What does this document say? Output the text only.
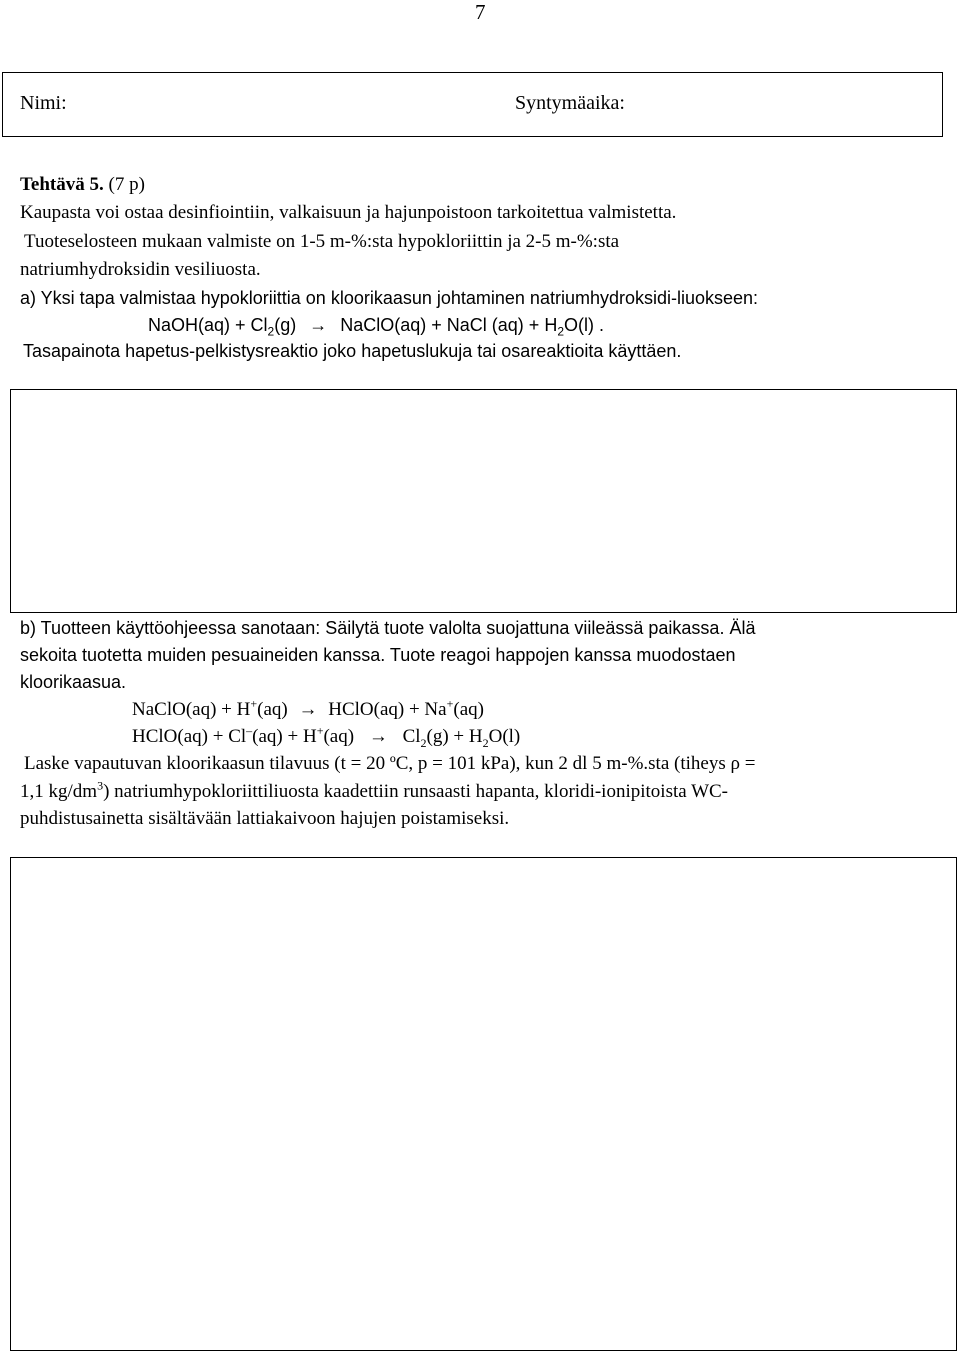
7
Nimi:	Syntymäaika:
Tehtävä 5. (7 p)
Kaupasta voi ostaa desinfiointiin, valkaisuun ja hajunpoistoon tarkoitettua valmistetta.
Tuoteselosteen mukaan valmiste on 1-5 m-%:sta hypokloriittin ja 2-5 m-%:sta
natriumhydroksidin vesiliuosta.
a) Yksi tapa valmistaa hypokloriittia on kloorikaasun johtaminen natriumhydroksidi-liuokseen:
NaOH(aq) + $Cl_2(g)$ → NaClO(aq) + NaCl $(aq) + H_2O(l)$ .
Tasapainota hapetus-pelkistysreaktio joko hapetuslukuja tai osareaktioita käyttäen.
b) Tuotteen käyttöohjeessa sanotaan: Säilytä tuote valolta suojattuna viileässä paikassa. Älä
sekoita tuotetta muiden pesuaineiden kanssa. Tuote reagoi happojen kanssa muodostaen
kloorikaasua.
NaClO(aq) + H+(aq) → HClO(aq) + Na+(aq)
HClO(aq) + $Cl^-(aq) + H^+(aq) \to Cl_2(g) + H_2O(l)$
Laske vapautuvan kloorikaasun tilavuus (t = 20 ºC, p = 101 kPa), kun 2 dl 5 m-%.sta (tiheys ρ =
1,1 $kg/dm^3$) natriumhypokloriittiliuosta kaadettiin runsaasti hapanta, kloridi-ionipitoista WC-
puhdistusainetta sisältävään lattiakaivoon hajujen poistamiseksi.
